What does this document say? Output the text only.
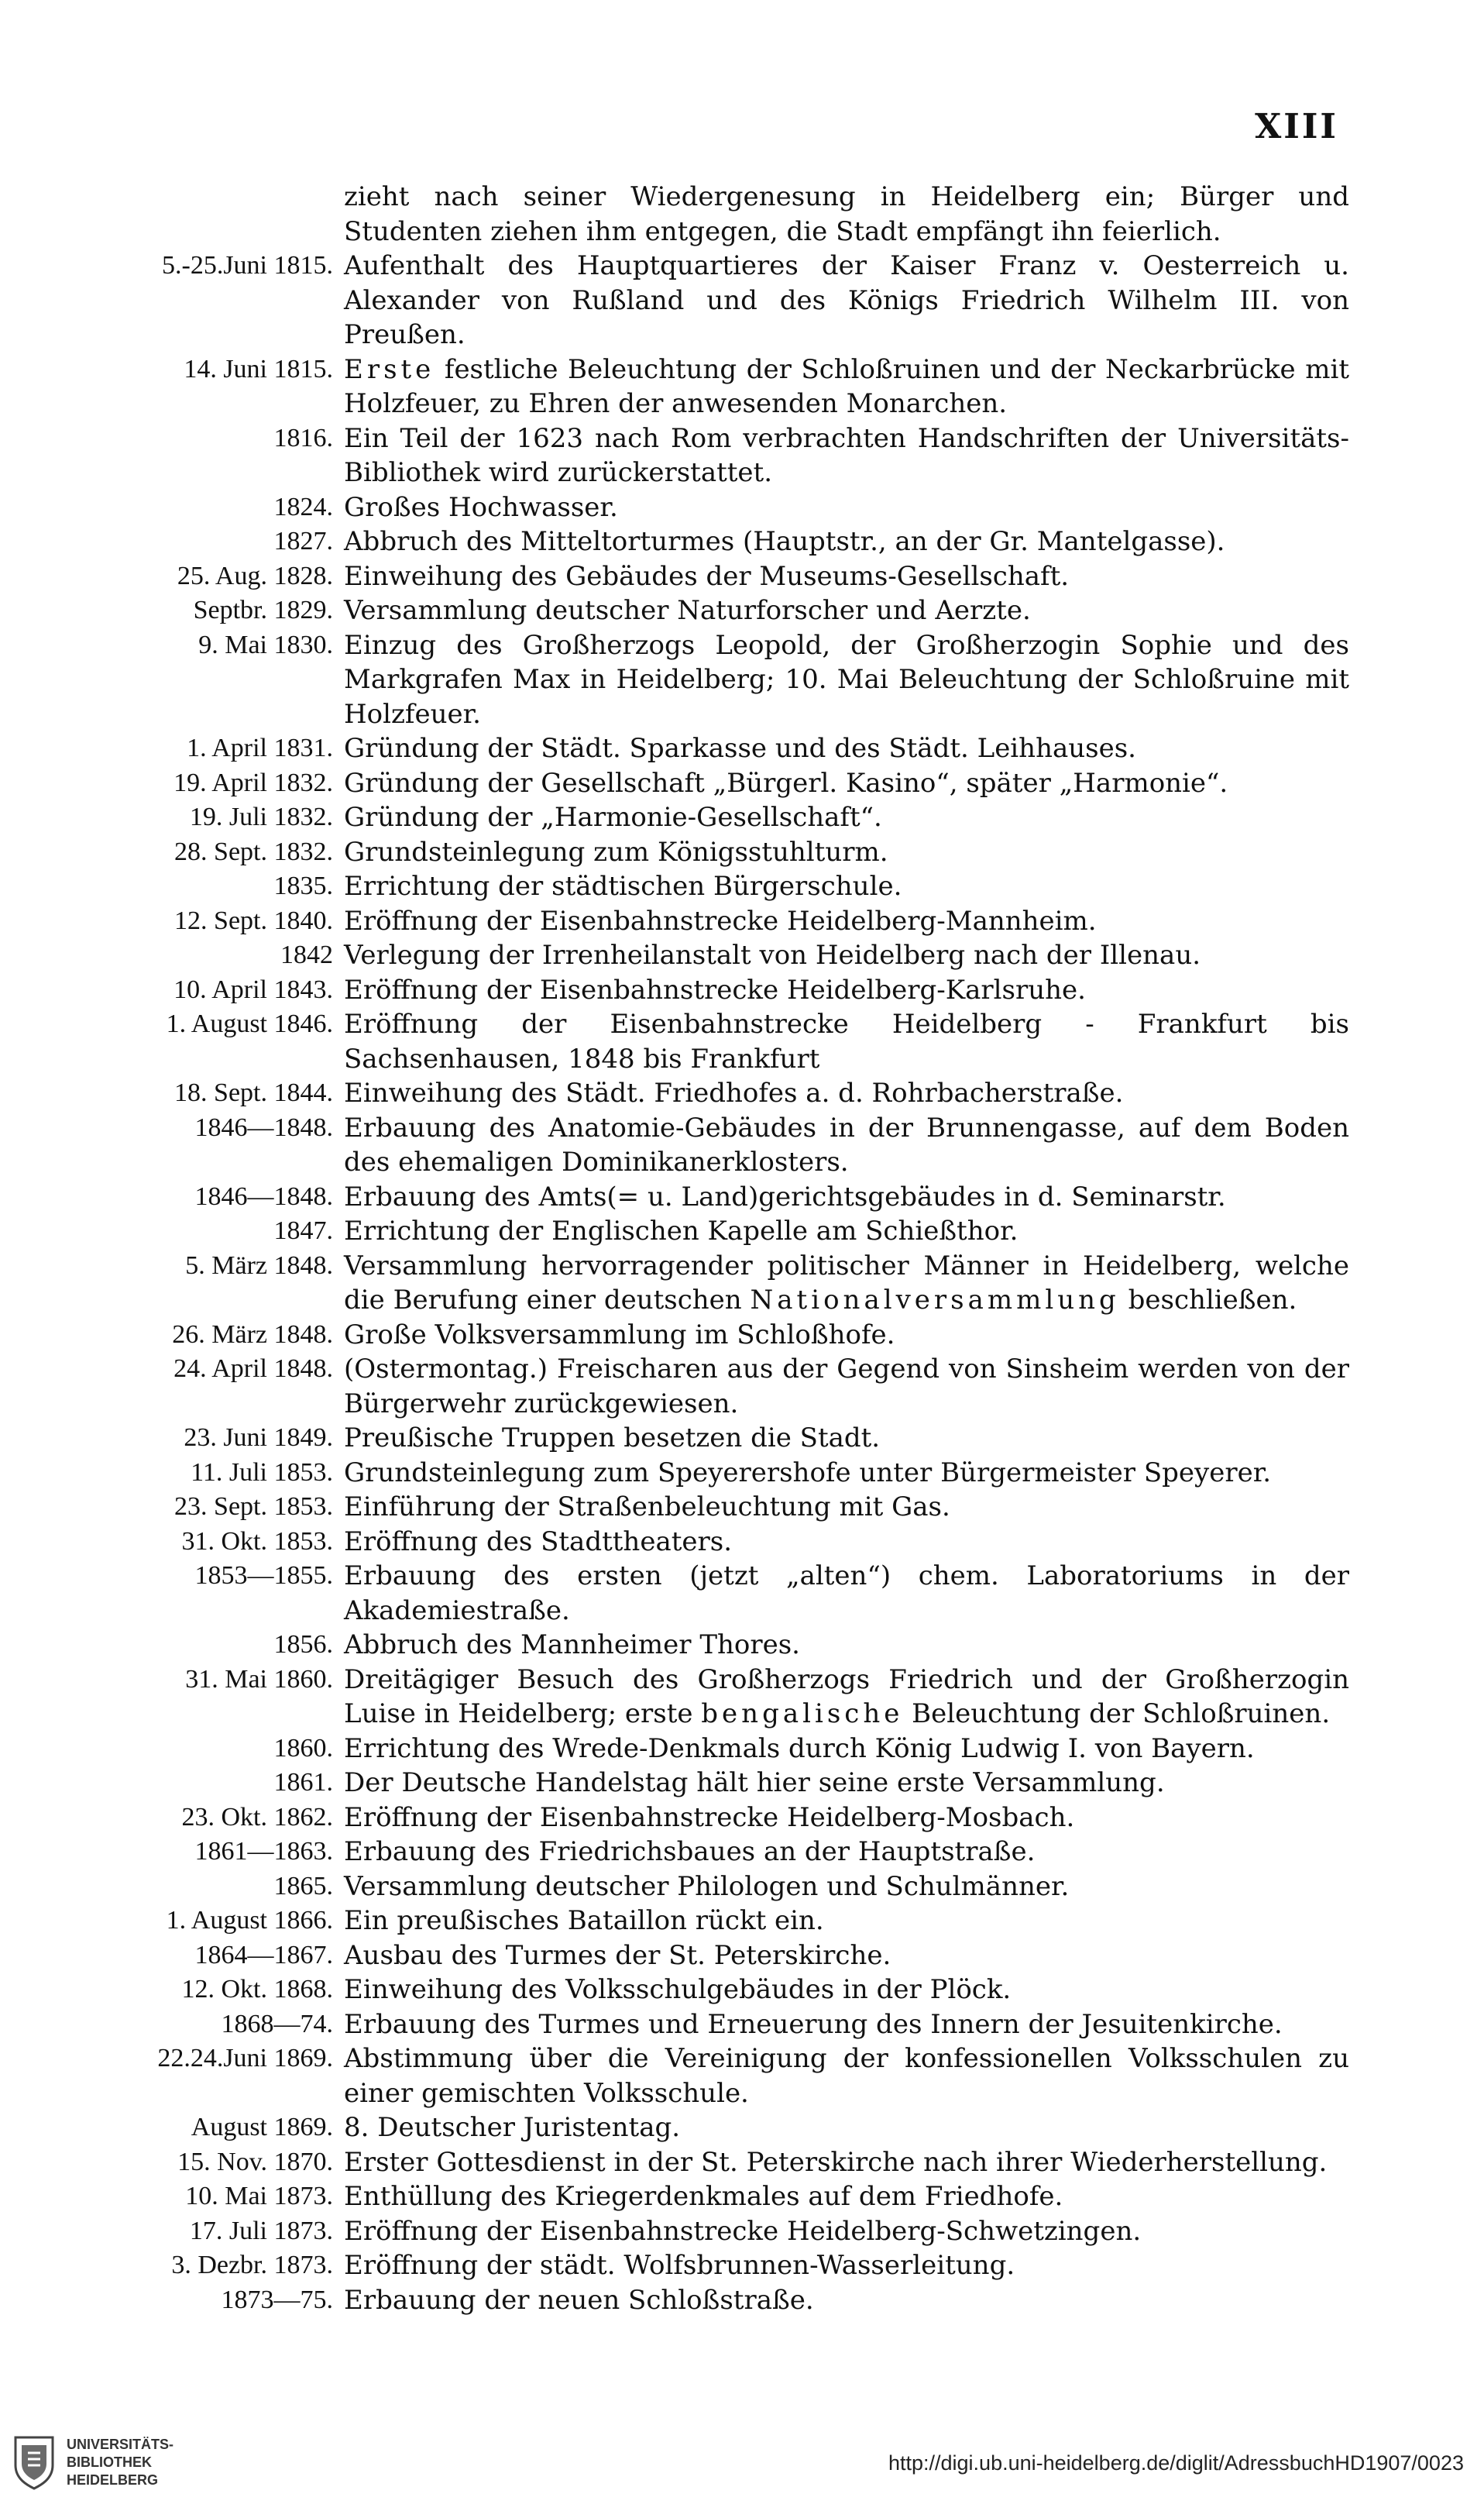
XIII
zieht nach seiner Wiedergenesung in Heidelberg ein; Bürger und Studenten ziehen ihm entgegen, die Stadt empfängt ihn feierlich.
5.-25.Juni 1815. Aufenthalt des Hauptquartieres der Kaiser Franz v. Oesterreich u. Alexander von Rußland und des Königs Friedrich Wilhelm III. von Preußen.
14. Juni 1815. Erste festliche Beleuchtung der Schloßruinen und der Neckarbrücke mit Holzfeuer, zu Ehren der anwesenden Monarchen.
1816. Ein Teil der 1623 nach Rom verbrachten Handschriften der Universitäts-Bibliothek wird zurückerstattet.
1824. Großes Hochwasser.
1827. Abbruch des Mitteltorturmes (Hauptstr., an der Gr. Mantelgasse).
25. Aug. 1828. Einweihung des Gebäudes der Museums-Gesellschaft.
Septbr. 1829. Versammlung deutscher Naturforscher und Aerzte.
9. Mai 1830. Einzug des Großherzogs Leopold, der Großherzogin Sophie und des Markgrafen Max in Heidelberg; 10. Mai Beleuchtung der Schloßruine mit Holzfeuer.
1. April 1831. Gründung der Städt. Sparkasse und des Städt. Leihhauses.
19. April 1832. Gründung der Gesellschaft „Bürgerl. Kasino“, später „Harmonie“.
19. Juli 1832. Gründung der „Harmonie-Gesellschaft“.
28. Sept. 1832. Grundsteinlegung zum Königsstuhlturm.
1835. Errichtung der städtischen Bürgerschule.
12. Sept. 1840. Eröffnung der Eisenbahnstrecke Heidelberg-Mannheim.
1842 Verlegung der Irrenheilanstalt von Heidelberg nach der Illenau.
10. April 1843. Eröffnung der Eisenbahnstrecke Heidelberg-Karlsruhe.
1. August 1846. Eröffnung der Eisenbahnstrecke Heidelberg - Frankfurt bis Sachsenhausen, 1848 bis Frankfurt
18. Sept. 1844. Einweihung des Städt. Friedhofes a. d. Rohrbacherstraße.
1846—1848. Erbauung des Anatomie-Gebäudes in der Brunnengasse, auf dem Boden des ehemaligen Dominikanerklosters.
1846—1848. Erbauung des Amts(= u. Land)gerichtsgebäudes in d. Seminarstr.
1847. Errichtung der Englischen Kapelle am Schießthor.
5. März 1848. Versammlung hervorragender politischer Männer in Heidelberg, welche die Berufung einer deutschen Nationalversammlung beschließen.
26. März 1848. Große Volksversammlung im Schloßhofe.
24. April 1848. (Ostermontag.) Freischaren aus der Gegend von Sinsheim werden von der Bürgerwehr zurückgewiesen.
23. Juni 1849. Preußische Truppen besetzen die Stadt.
11. Juli 1853. Grundsteinlegung zum Speyerershofe unter Bürgermeister Speyerer.
23. Sept. 1853. Einführung der Straßenbeleuchtung mit Gas.
31. Okt. 1853. Eröffnung des Stadttheaters.
1853—1855. Erbauung des ersten (jetzt „alten“) chem. Laboratoriums in der Akademiestraße.
1856. Abbruch des Mannheimer Thores.
31. Mai 1860. Dreitägiger Besuch des Großherzogs Friedrich und der Großherzogin Luise in Heidelberg; erste bengalische Beleuchtung der Schloßruinen.
1860. Errichtung des Wrede-Denkmals durch König Ludwig I. von Bayern.
1861. Der Deutsche Handelstag hält hier seine erste Versammlung.
23. Okt. 1862. Eröffnung der Eisenbahnstrecke Heidelberg-Mosbach.
1861—1863. Erbauung des Friedrichsbaues an der Hauptstraße.
1865. Versammlung deutscher Philologen und Schulmänner.
1. August 1866. Ein preußisches Bataillon rückt ein.
1864—1867. Ausbau des Turmes der St. Peterskirche.
12. Okt. 1868. Einweihung des Volksschulgebäudes in der Plöck.
1868—74. Erbauung des Turmes und Erneuerung des Innern der Jesuitenkirche.
22.24.Juni 1869. Abstimmung über die Vereinigung der konfessionellen Volksschulen zu einer gemischten Volksschule.
August 1869. 8. Deutscher Juristentag.
15. Nov. 1870. Erster Gottesdienst in der St. Peterskirche nach ihrer Wiederherstellung.
10. Mai 1873. Enthüllung des Kriegerdenkmales auf dem Friedhofe.
17. Juli 1873. Eröffnung der Eisenbahnstrecke Heidelberg-Schwetzingen.
3. Dezbr. 1873. Eröffnung der städt. Wolfsbrunnen-Wasserleitung.
1873—75. Erbauung der neuen Schloßstraße.
UNIVERSITÄTS-
BIBLIOTHEK
HEIDELBERG
http://digi.ub.uni-heidelberg.de/diglit/AdressbuchHD1907/0023
